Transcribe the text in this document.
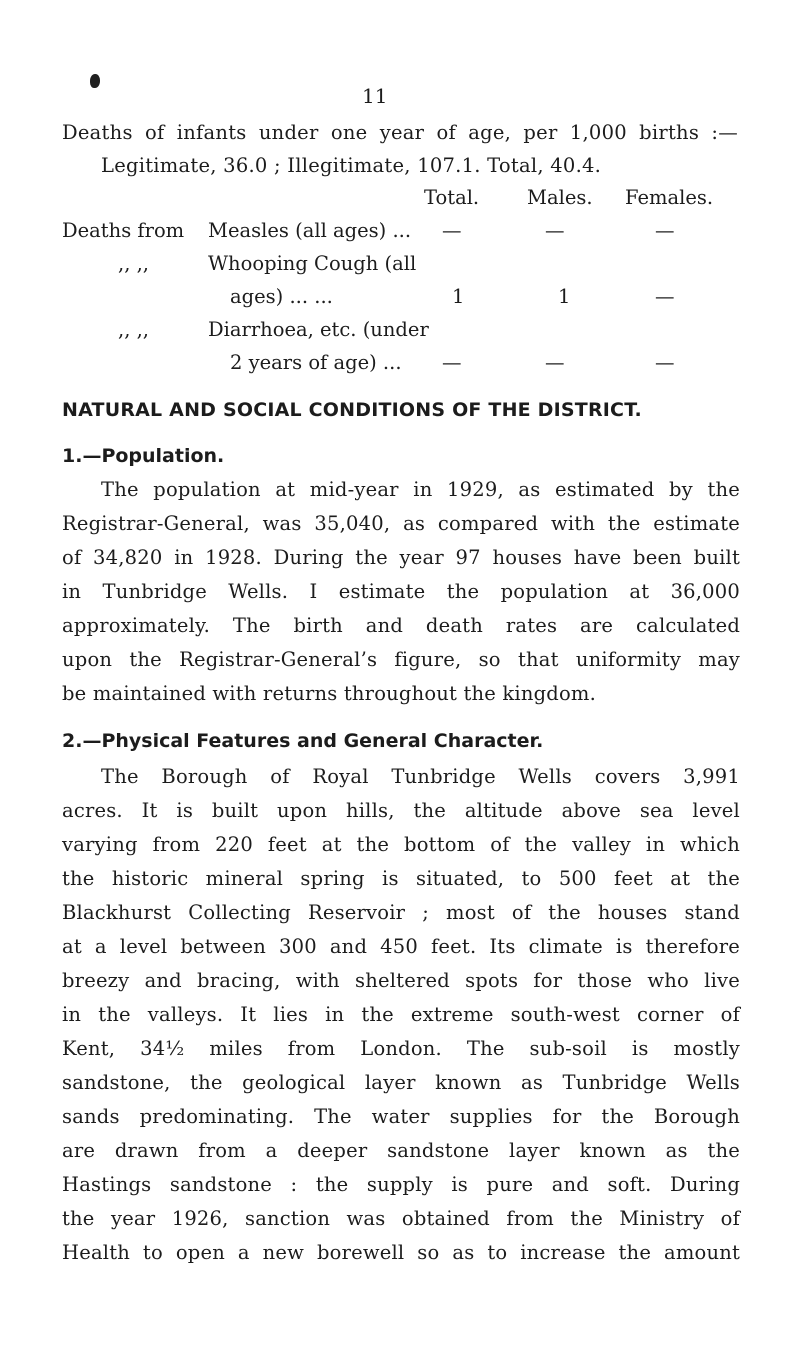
11
Deaths of infants under one year of age, per 1,000 births :—
Legitimate, 36.0 ; Illegitimate, 107.1. Total, 40.4.
Total. Males. Females.
Deaths from Measles (all ages) ... —	—	—
,, ,,	Whooping Cough (all
ages) ... ...	1	1	—
,, ,,	Diarrhoea, etc. (under
2 years of age) ... —	—	—
NATURAL AND SOCIAL CONDITIONS OF THE DISTRICT.
1.—Population.
The population at mid-year in 1929, as estimated by the
Registrar-General, was 35,040, as compared with the estimate
of 34,820 in 1928. During the year 97 houses have been built
in Tunbridge Wells. I estimate the population at 36,000
approximately. The birth and death rates are calculated
upon the Registrar-General’s figure, so that uniformity may
be maintained with returns throughout the kingdom.
2.—Physical Features and General Character.
The Borough of Royal Tunbridge Wells covers 3,991
acres. It is built upon hills, the altitude above sea level
varying from 220 feet at the bottom of the valley in which
the historic mineral spring is situated, to 500 feet at the
Blackhurst Collecting Reservoir ; most of the houses stand
at a level between 300 and 450 feet. Its climate is therefore
breezy and bracing, with sheltered spots for those who live
in the valleys. It lies in the extreme south-west corner of
Kent, 34½ miles from London. The sub-soil is mostly
sandstone, the geological layer known as Tunbridge Wells
sands predominating. The water supplies for the Borough
are drawn from a deeper sandstone layer known as the
Hastings sandstone : the supply is pure and soft. During
the year 1926, sanction was obtained from the Ministry of
Health to open a new borewell so as to increase the amount
